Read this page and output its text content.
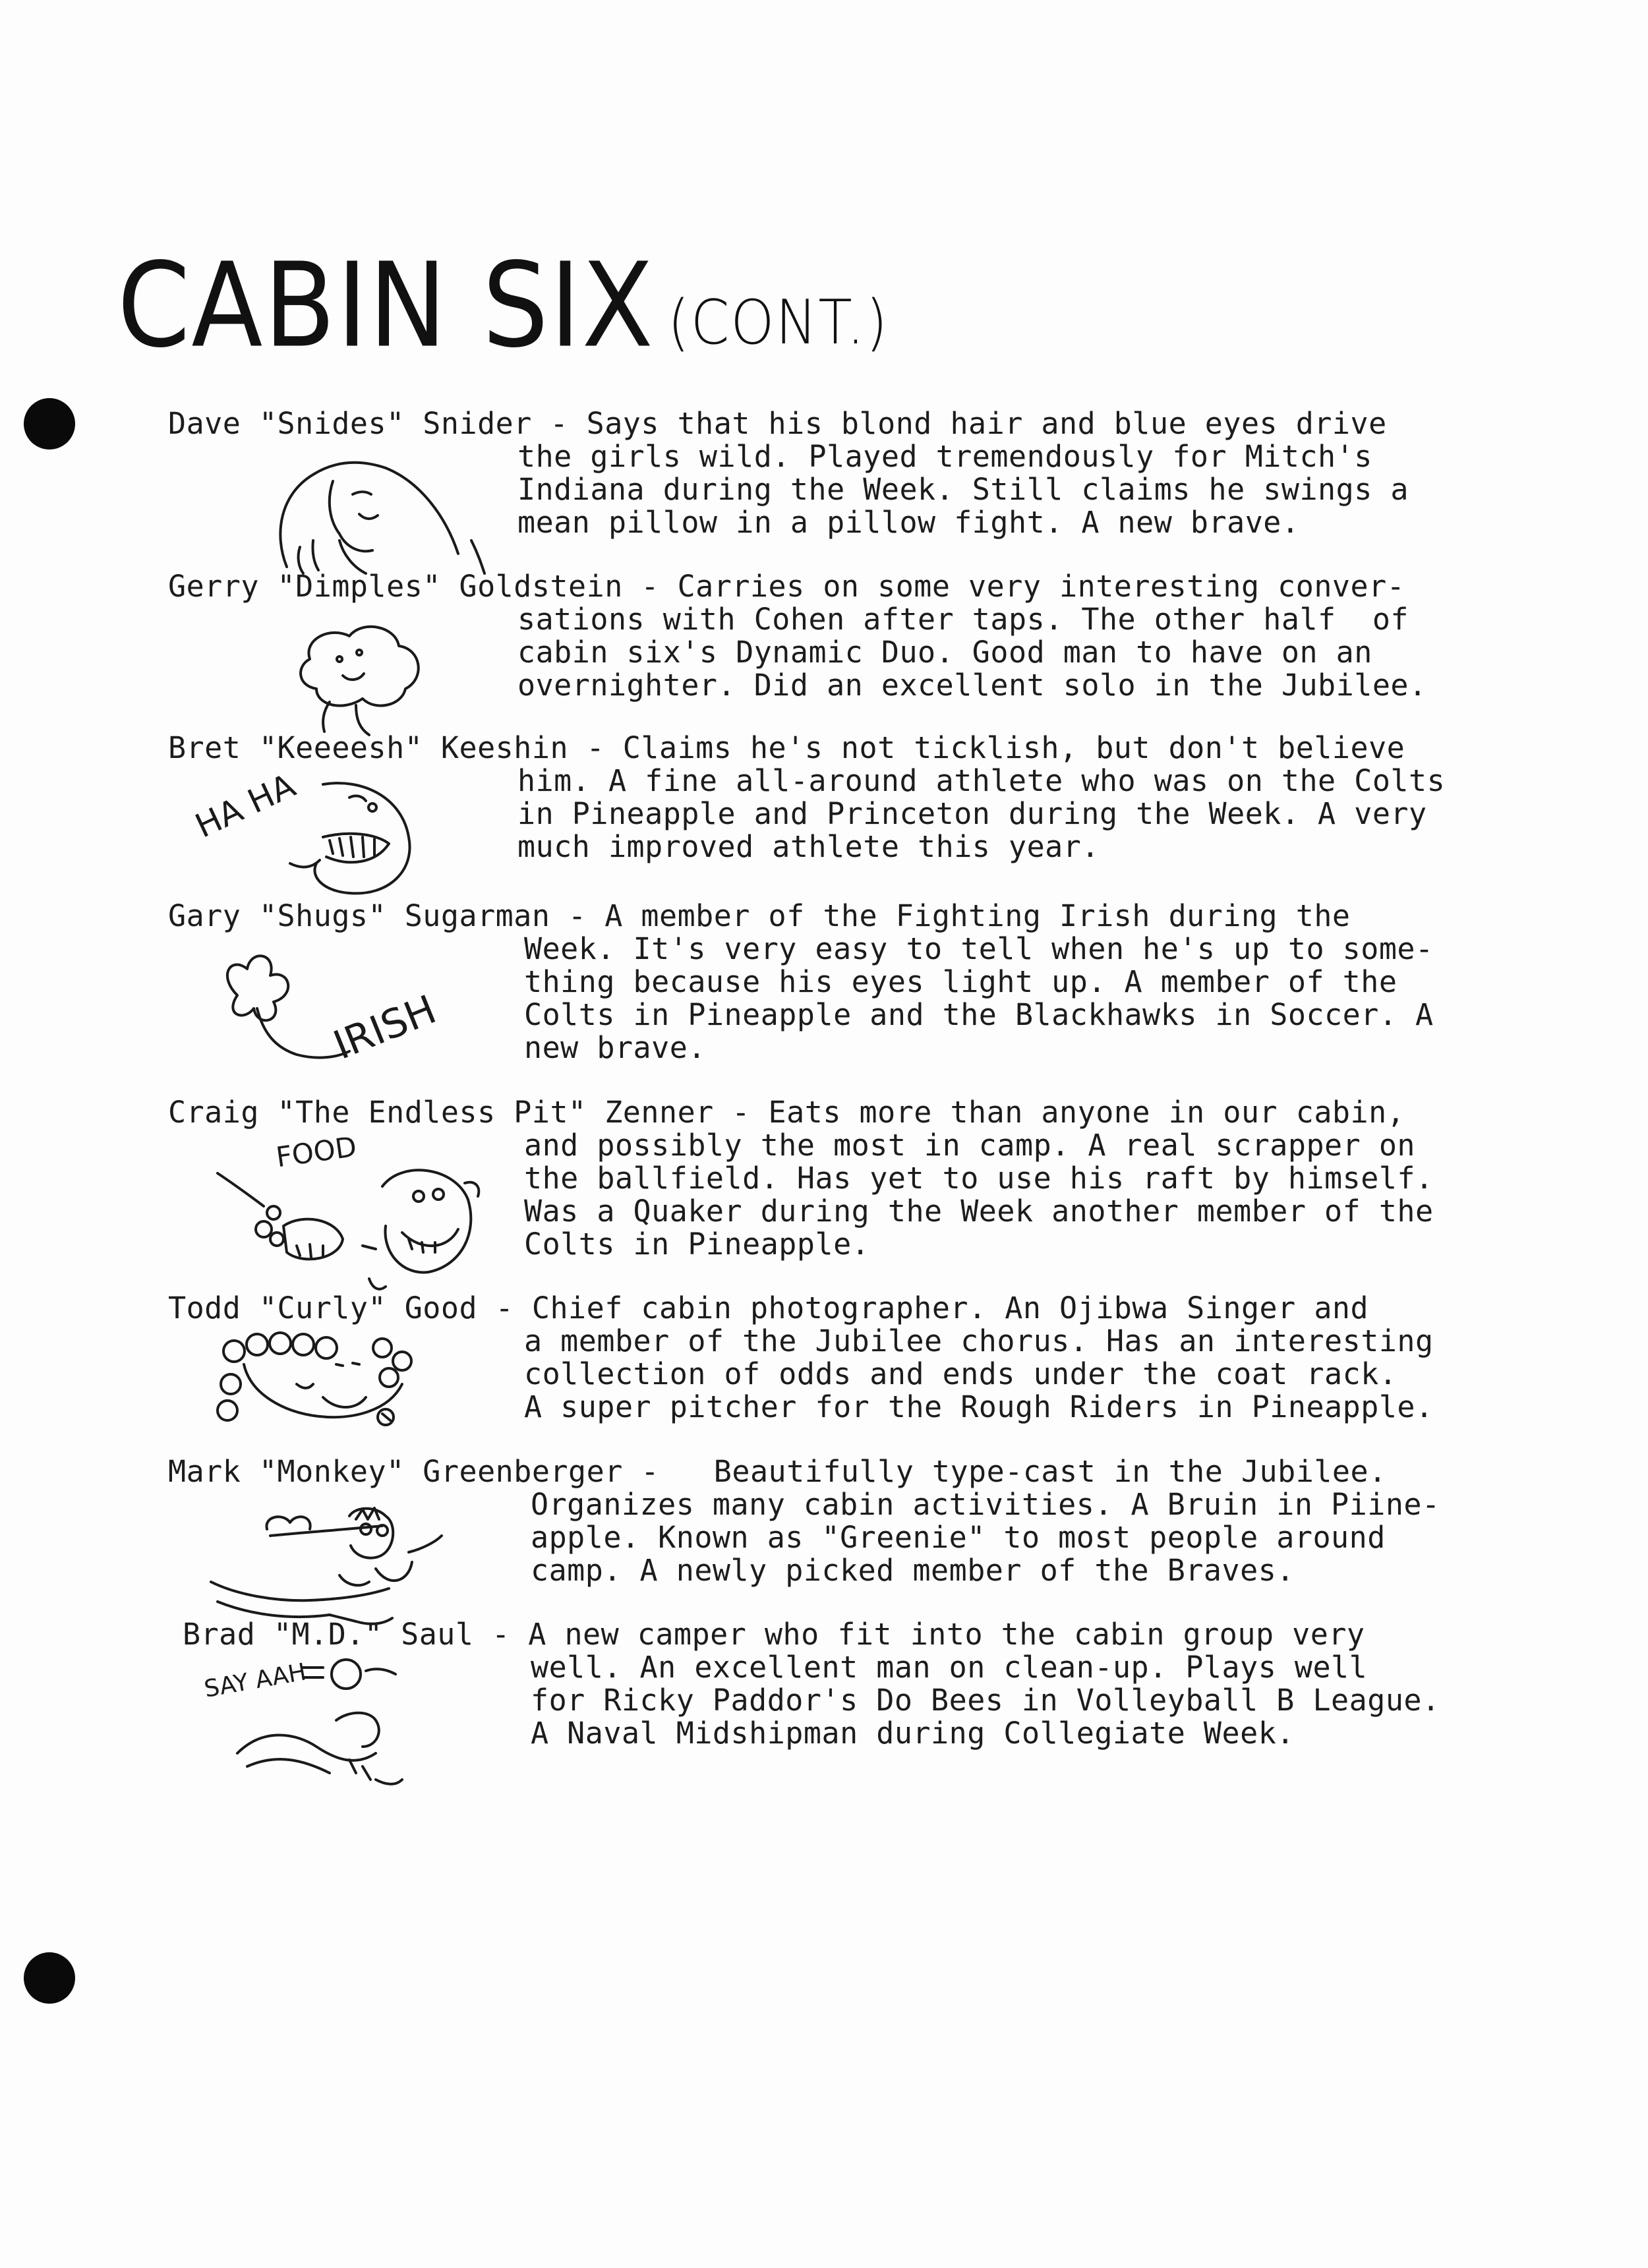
CABIN SIX (CONT.)
Dave "Snides" Snider - Says that his blond hair and blue eyes drive
the girls wild. Played tremendously for Mitch's
Indiana during the Week. Still claims he swings a
mean pillow in a pillow fight. A new brave.
Gerry "Dimples" Goldstein - Carries on some very interesting conver-
sations with Cohen after taps. The other half  of
cabin six's Dynamic Duo. Good man to have on an
overnighter. Did an excellent solo in the Jubilee.
Bret "Keeeesh" Keeshin - Claims he's not ticklish, but don't believe
him. A fine all-around athlete who was on the Colts
in Pineapple and Princeton during the Week. A very
much improved athlete this year.
HA HA
Gary "Shugs" Sugarman - A member of the Fighting Irish during the
Week. It's very easy to tell when he's up to some-
thing because his eyes light up. A member of the
Colts in Pineapple and the Blackhawks in Soccer. A
new brave.
IRISH
Craig "The Endless Pit" Zenner - Eats more than anyone in our cabin,
and possibly the most in camp. A real scrapper on
the ballfield. Has yet to use his raft by himself.
Was a Quaker during the Week another member of the
Colts in Pineapple.
FOOD
Todd "Curly" Good - Chief cabin photographer. An Ojibwa Singer and
a member of the Jubilee chorus. Has an interesting
collection of odds and ends under the coat rack.
A super pitcher for the Rough Riders in Pineapple.
Mark "Monkey" Greenberger -   Beautifully type-cast in the Jubilee.
Organizes many cabin activities. A Bruin in Piine-
apple. Known as "Greenie" to most people around
camp. A newly picked member of the Braves.
Brad "M.D." Saul - A new camper who fit into the cabin group very
well. An excellent man on clean-up. Plays well
for Ricky Paddor's Do Bees in Volleyball B League.
A Naval Midshipman during Collegiate Week.
SAY AAH
